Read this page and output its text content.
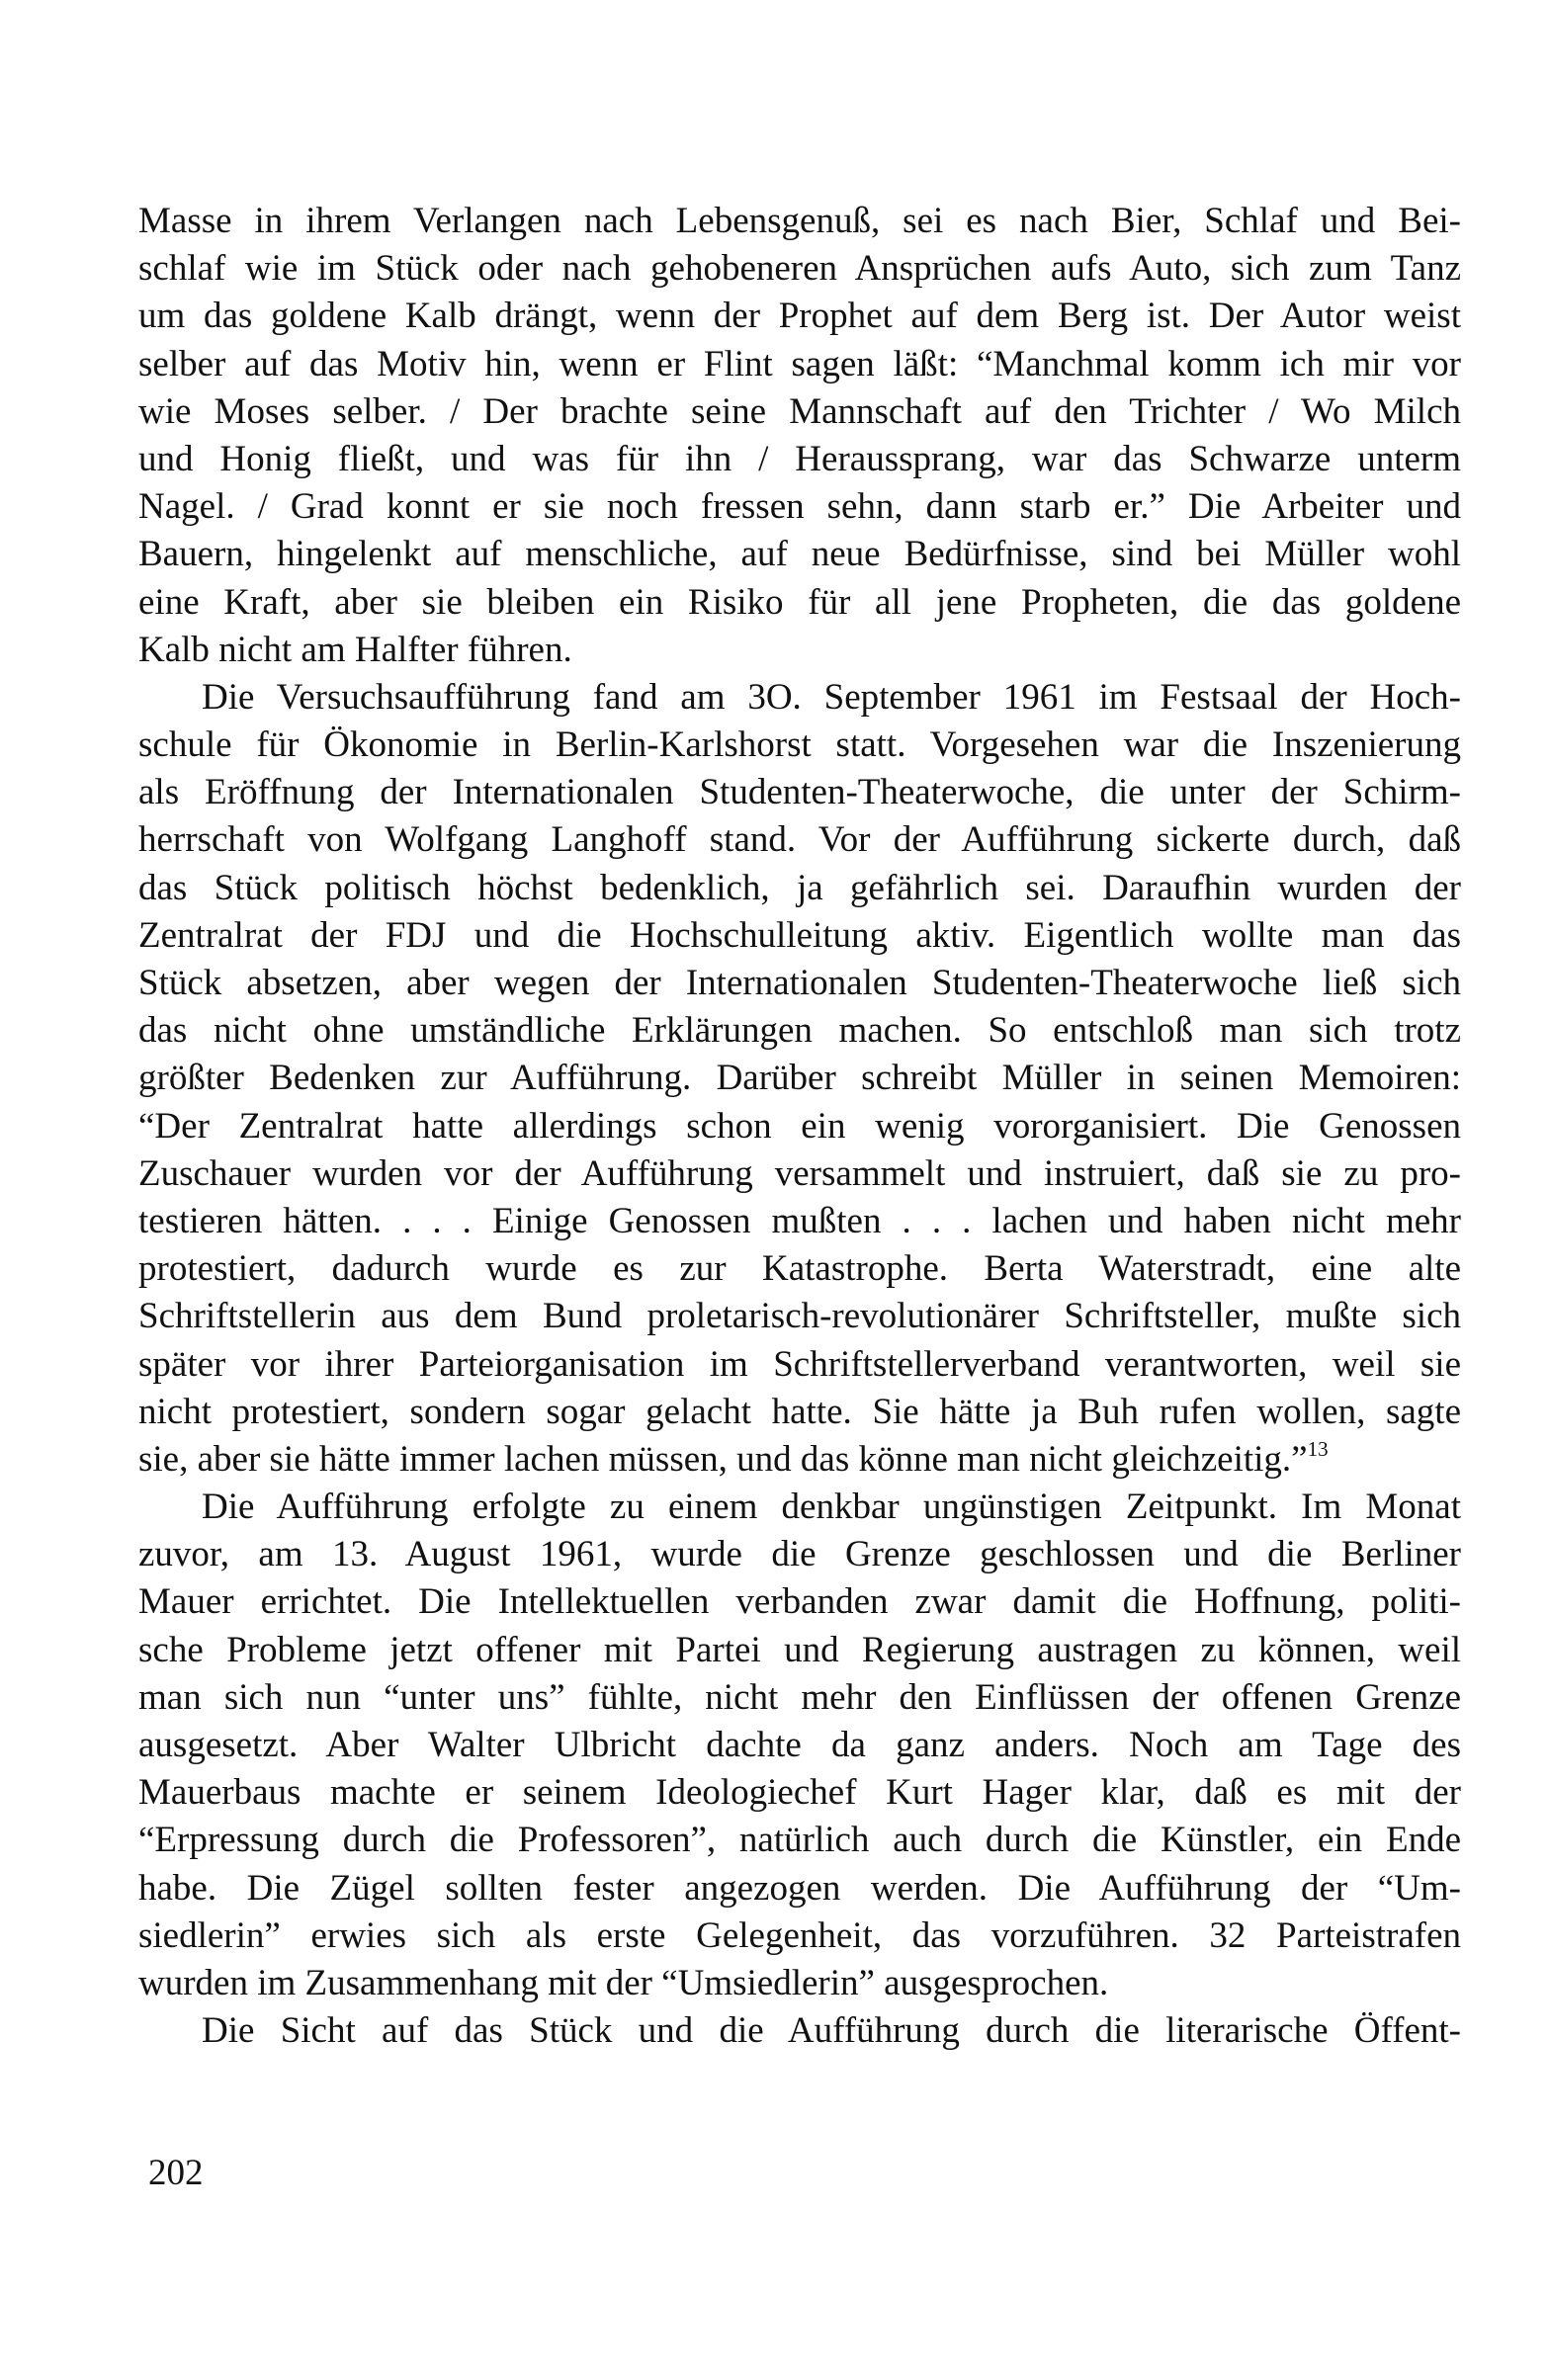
Masse in ihrem Verlangen nach Lebensgenuß, sei es nach Bier, Schlaf und Bei-
schlaf wie im Stück oder nach gehobeneren Ansprüchen aufs Auto, sich zum Tanz
um das goldene Kalb drängt, wenn der Prophet auf dem Berg ist. Der Autor weist
selber auf das Motiv hin, wenn er Flint sagen läßt: “Manchmal komm ich mir vor
wie Moses selber. / Der brachte seine Mannschaft auf den Trichter / Wo Milch
und Honig fließt, und was für ihn / Heraussprang, war das Schwarze unterm
Nagel. / Grad konnt er sie noch fressen sehn, dann starb er.” Die Arbeiter und
Bauern, hingelenkt auf menschliche, auf neue Bedürfnisse, sind bei Müller wohl
eine Kraft, aber sie bleiben ein Risiko für all jene Propheten, die das goldene
Kalb nicht am Halfter führen.
Die Versuchsaufführung fand am 3O. September 1961 im Festsaal der Hoch-
schule für Ökonomie in Berlin-Karlshorst statt. Vorgesehen war die Inszenierung
als Eröffnung der Internationalen Studenten-Theaterwoche, die unter der Schirm-
herrschaft von Wolfgang Langhoff stand. Vor der Aufführung sickerte durch, daß
das Stück politisch höchst bedenklich, ja gefährlich sei. Daraufhin wurden der
Zentralrat der FDJ und die Hochschulleitung aktiv. Eigentlich wollte man das
Stück absetzen, aber wegen der Internationalen Studenten-Theaterwoche ließ sich
das nicht ohne umständliche Erklärungen machen. So entschloß man sich trotz
größter Bedenken zur Aufführung. Darüber schreibt Müller in seinen Memoiren:
“Der Zentralrat hatte allerdings schon ein wenig vororganisiert. Die Genossen
Zuschauer wurden vor der Aufführung versammelt und instruiert, daß sie zu pro-
testieren hätten. . . . Einige Genossen mußten . . . lachen und haben nicht mehr
protestiert, dadurch wurde es zur Katastrophe. Berta Waterstradt, eine alte
Schriftstellerin aus dem Bund proletarisch-revolutionärer Schriftsteller, mußte sich
später vor ihrer Parteiorganisation im Schriftstellerverband verantworten, weil sie
nicht protestiert, sondern sogar gelacht hatte. Sie hätte ja Buh rufen wollen, sagte
sie, aber sie hätte immer lachen müssen, und das könne man nicht gleichzeitig.”$^{13}$
Die Aufführung erfolgte zu einem denkbar ungünstigen Zeitpunkt. Im Monat
zuvor, am 13. August 1961, wurde die Grenze geschlossen und die Berliner
Mauer errichtet. Die Intellektuellen verbanden zwar damit die Hoffnung, politi-
sche Probleme jetzt offener mit Partei und Regierung austragen zu können, weil
man sich nun “unter uns” fühlte, nicht mehr den Einflüssen der offenen Grenze
ausgesetzt. Aber Walter Ulbricht dachte da ganz anders. Noch am Tage des
Mauerbaus machte er seinem Ideologiechef Kurt Hager klar, daß es mit der
“Erpressung durch die Professoren”, natürlich auch durch die Künstler, ein Ende
habe. Die Zügel sollten fester angezogen werden. Die Aufführung der “Um-
siedlerin” erwies sich als erste Gelegenheit, das vorzuführen. 32 Parteistrafen
wurden im Zusammenhang mit der “Umsiedlerin” ausgesprochen.
Die Sicht auf das Stück und die Aufführung durch die literarische Öffent-
202
